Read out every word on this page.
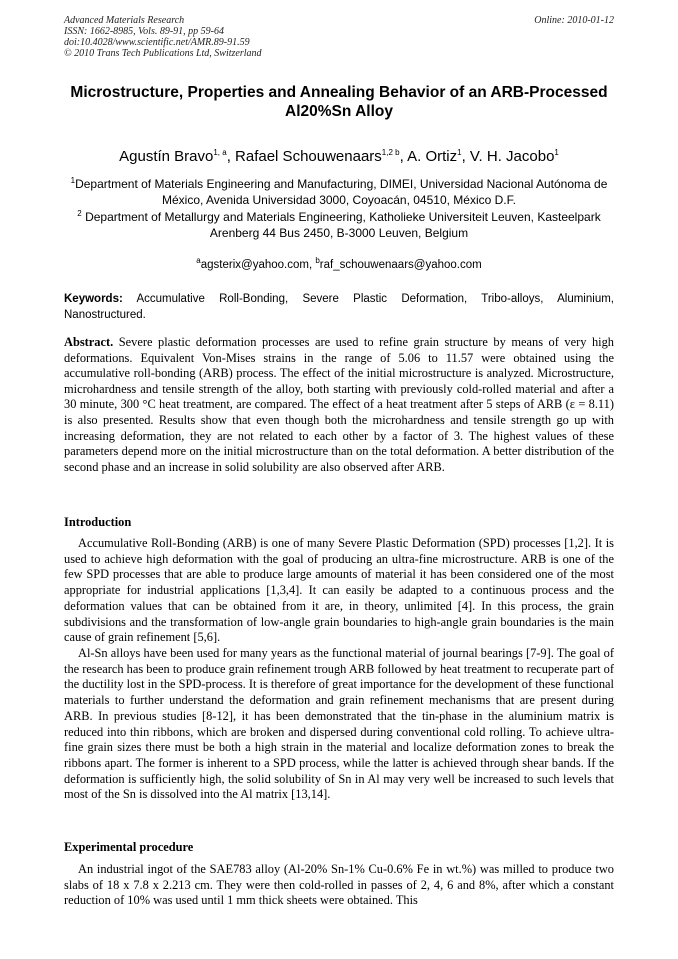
Advanced Materials Research
ISSN: 1662-8985, Vols. 89-91, pp 59-64
doi:10.4028/www.scientific.net/AMR.89-91.59
© 2010 Trans Tech Publications Ltd, Switzerland
Online: 2010-01-12
Microstructure, Properties and Annealing Behavior of an ARB-Processed Al20%Sn Alloy
Agustín Bravo$^{1, a}$, Rafael Schouwenaars$^{1,2 b}$, A. Ortiz$^1$, V. H. Jacobo$^1$
$^1$Department of Materials Engineering and Manufacturing, DIMEI, Universidad Nacional Autónoma de México, Avenida Universidad 3000, Coyoacán, 04510, México D.F.
$^2$ Department of Metallurgy and Materials Engineering, Katholieke Universiteit Leuven, Kasteelpark Arenberg 44 Bus 2450, B-3000 Leuven, Belgium
$^a$agsterix@yahoo.com, $^b$raf_schouwenaars@yahoo.com
Keywords: Accumulative Roll-Bonding, Severe Plastic Deformation, Tribo-alloys, Aluminium, Nanostructured.
Abstract. Severe plastic deformation processes are used to refine grain structure by means of very high deformations. Equivalent Von-Mises strains in the range of 5.06 to 11.57 were obtained using the accumulative roll-bonding (ARB) process. The effect of the initial microstructure is analyzed. Microstructure, microhardness and tensile strength of the alloy, both starting with previously cold-rolled material and after a 30 minute, 300 °C heat treatment, are compared. The effect of a heat treatment after 5 steps of ARB (ε = 8.11) is also presented. Results show that even though both the microhardness and tensile strength go up with increasing deformation, they are not related to each other by a factor of 3. The highest values of these parameters depend more on the initial microstructure than on the total deformation. A better distribution of the second phase and an increase in solid solubility are also observed after ARB.
Introduction
Accumulative Roll-Bonding (ARB) is one of many Severe Plastic Deformation (SPD) processes [1,2]. It is used to achieve high deformation with the goal of producing an ultra-fine microstructure. ARB is one of the few SPD processes that are able to produce large amounts of material it has been considered one of the most appropriate for industrial applications [1,3,4]. It can easily be adapted to a continuous process and the deformation values that can be obtained from it are, in theory, unlimited [4]. In this process, the grain subdivisions and the transformation of low-angle grain boundaries to high-angle grain boundaries is the main cause of grain refinement [5,6].
Al-Sn alloys have been used for many years as the functional material of journal bearings [7-9]. The goal of the research has been to produce grain refinement trough ARB followed by heat treatment to recuperate part of the ductility lost in the SPD-process. It is therefore of great importance for the development of these functional materials to further understand the deformation and grain refinement mechanisms that are present during ARB. In previous studies [8-12], it has been demonstrated that the tin-phase in the aluminium matrix is reduced into thin ribbons, which are broken and dispersed during conventional cold rolling. To achieve ultra-fine grain sizes there must be both a high strain in the material and localize deformation zones to break the ribbons apart. The former is inherent to a SPD process, while the latter is achieved through shear bands. If the deformation is sufficiently high, the solid solubility of Sn in Al may very well be increased to such levels that most of the Sn is dissolved into the Al matrix [13,14].
Experimental procedure
An industrial ingot of the SAE783 alloy (Al-20% Sn-1% Cu-0.6% Fe in wt.%) was milled to produce two slabs of 18 x 7.8 x 2.213 cm. They were then cold-rolled in passes of 2, 4, 6 and 8%, after which a constant reduction of 10% was used until 1 mm thick sheets were obtained. This
